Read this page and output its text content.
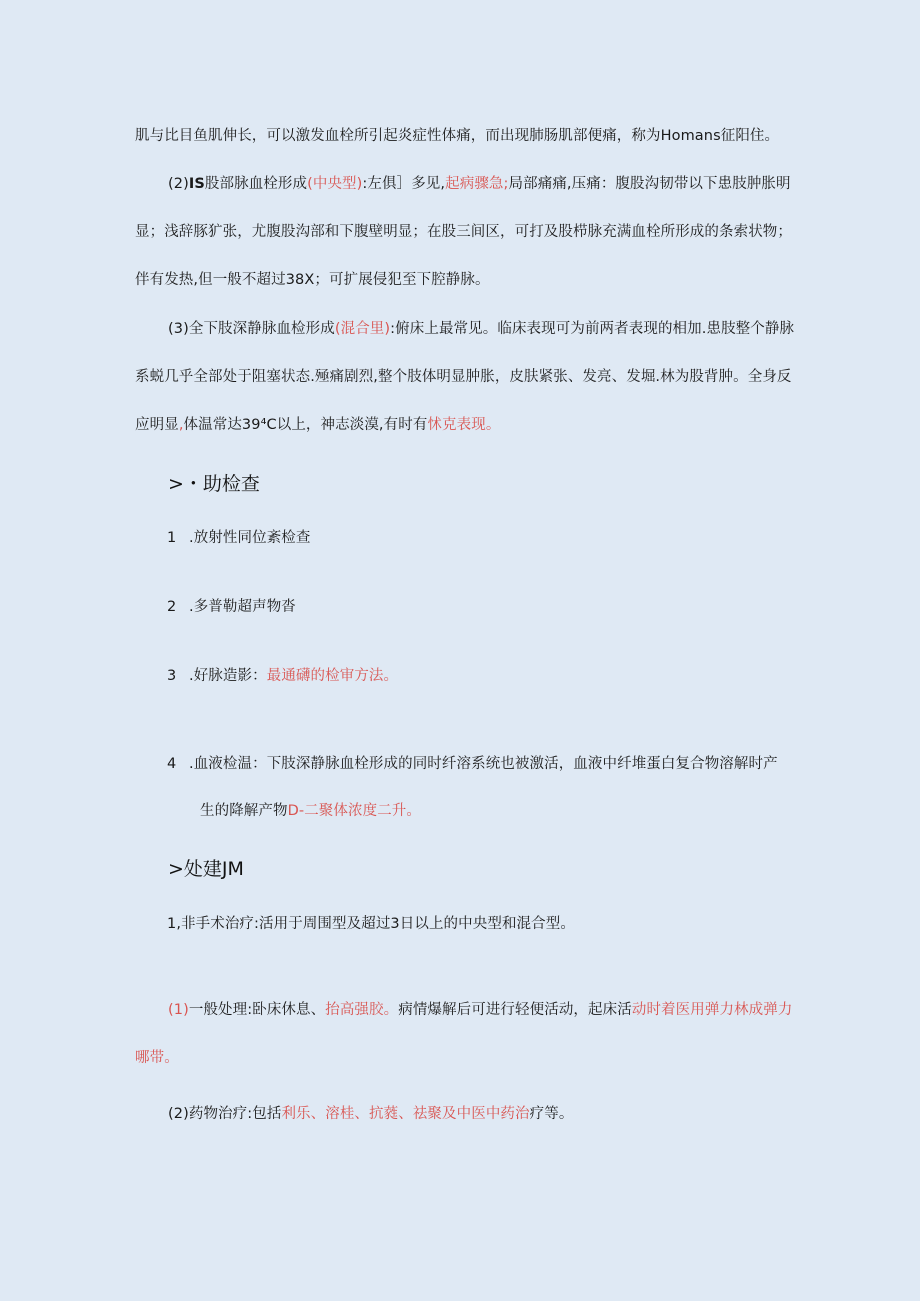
肌与比目鱼肌伸长，可以激发血栓所引起炎症性体痛，而出现肺肠肌部便痛，称为Homans征阳住。
(2)IS股部脉血栓形成(中央型):左俱］多见,起病骤急;局部痛痛,压痛：腹股沟韧带以下患肢肿胀明
显；浅辞豚犷张，尤腹股沟部和下腹壁明显；在股三间区，可打及股栉脉充满血栓所形成的条索状物；
伴有发热,但一般不超过38X；可扩展侵犯至下腔静脉。
(3)全下肢深静脉血检形成(混合里):俯床上最常见。临床表现可为前两者表现的相加.患肢整个静脉
系蜕几乎全部处于阻塞状态.殛痛剧烈,整个肢体明显肿胀，皮肤紧张、发亮、发堀.林为股背肿。全身反
应明显,体温常达39⁴C以上，神志淡漠,有时有怵克表现。
>・助检查
1 .放射性同位紊检查
2 .多普勒超声物沓
3 .好脉造影：最通礴的检审方法。
4 .血液检温：下肢深静脉血栓形成的同时纤溶系统也被激活，血液中纤堆蛋白复合物溶解时产
生的降解产物D-二聚体浓度二升。
>处建JM
1,非手术治疗:活用于周围型及超过3日以上的中央型和混合型。
(1)一般处理:卧床休息、抬高强胶。病情爆解后可进行轻便活动，起床活动时着医用弹力林成弹力
哪带。
(2)药物治疗:包括利乐、溶桂、抗蕤、祛聚及中医中药治疗等。
